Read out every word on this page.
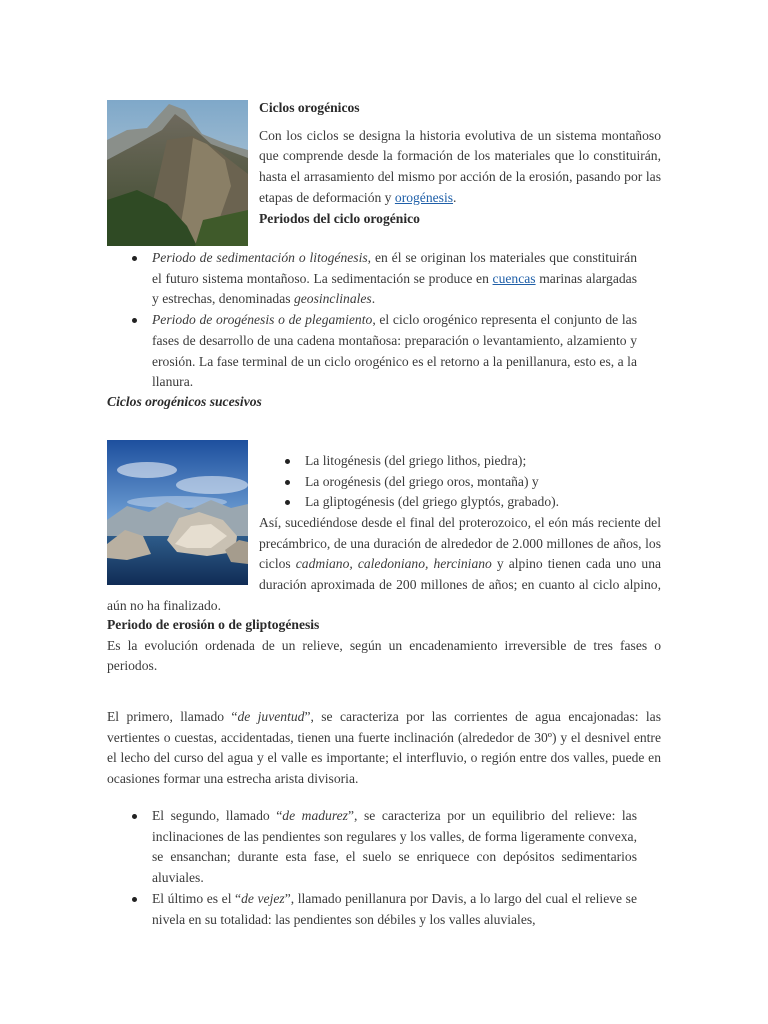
Ciclos orogénicos

Con los ciclos se designa la historia evolutiva de un sistema montañoso que comprende desde la formación de los materiales que lo constituirán, hasta el arrasamiento del mismo por acción de la erosión, pasando por las etapas de deformación y orogénesis.

Periodos del ciclo orogénico

Periodo de sedimentación o litogénesis, en él se originan los materiales que constituirán el futuro sistema montañoso. La sedimentación se produce en cuencas marinas alargadas y estrechas, denominadas geosinclinales.
Periodo de orogénesis o de plegamiento, el ciclo orogénico representa el conjunto de las fases de desarrollo de una cadena montañosa: preparación o levantamiento, alzamiento y erosión. La fase terminal de un ciclo orogénico es el retorno a la penillanura, esto es, a la llanura.

Ciclos orogénicos sucesivos

La litogénesis (del griego lithos, piedra);
La orogénesis (del griego oros, montaña) y
La gliptogénesis (del griego glyptós, grabado).

Así, sucediéndose desde el final del proterozoico, el eón más reciente del precámbrico, de una duración de alrededor de 2.000 millones de años, los ciclos cadmiano, caledoniano, herciniano y alpino tienen cada uno una duración aproximada de 200 millones de años; en cuanto al ciclo alpino, aún no ha finalizado.

Periodo de erosión o de gliptogénesis

Es la evolución ordenada de un relieve, según un encadenamiento irreversible de tres fases o periodos.

El primero, llamado “de juventud”, se caracteriza por las corrientes de agua encajonadas: las vertientes o cuestas, accidentadas, tienen una fuerte inclinación (alrededor de 30º) y el desnivel entre el lecho del curso del agua y el valle es importante; el interfluvio, o región entre dos valles, puede en ocasiones formar una estrecha arista divisoria.

El segundo, llamado “de madurez”, se caracteriza por un equilibrio del relieve: las inclinaciones de las pendientes son regulares y los valles, de forma ligeramente convexa, se ensanchan; durante esta fase, el suelo se enriquece con depósitos sedimentarios aluviales.
El último es el “de vejez”, llamado penillanura por Davis, a lo largo del cual el relieve se nivela en su totalidad: las pendientes son débiles y los valles aluviales,
